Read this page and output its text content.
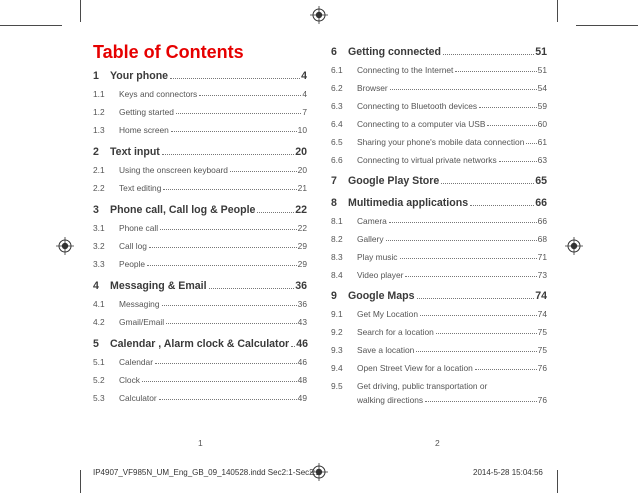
Table of Contents
1	Your phone	4
1.1	Keys and connectors	4
1.2	Getting started	7
1.3	Home screen	10
2	Text input	20
2.1	Using the onscreen keyboard	20
2.2	Text editing	21
3	Phone call, Call log & People	22
3.1	Phone call	22
3.2	Call log	29
3.3	People	29
4	Messaging & Email	36
4.1	Messaging	36
4.2	Gmail/Email	43
5	Calendar , Alarm clock & Calculator 46
5.1	Calendar	46
5.2	Clock	48
5.3	Calculator	49
6	Getting connected	51
6.1	Connecting to the Internet	51
6.2	Browser	54
6.3	Connecting to Bluetooth devices	59
6.4	Connecting to a computer via USB	60
6.5	Sharing your phone's mobile data connection 61
6.6	Connecting to virtual private networks	63
7	Google Play Store	65
8	Multimedia applications	66
8.1	Camera	66
8.2	Gallery	68
8.3	Play music	71
8.4	Video player	73
9	Google Maps	74
9.1	Get My Location	74
9.2	Search for a location	75
9.3	Save a location	75
9.4	Open Street View for a location	76
9.5	Get driving, public transportation or
walking directions	76
1	2
IP4907_VF985N_UM_Eng_GB_09_140528.indd Sec2:1-Sec2:2	2014-5-28 15:04:56
